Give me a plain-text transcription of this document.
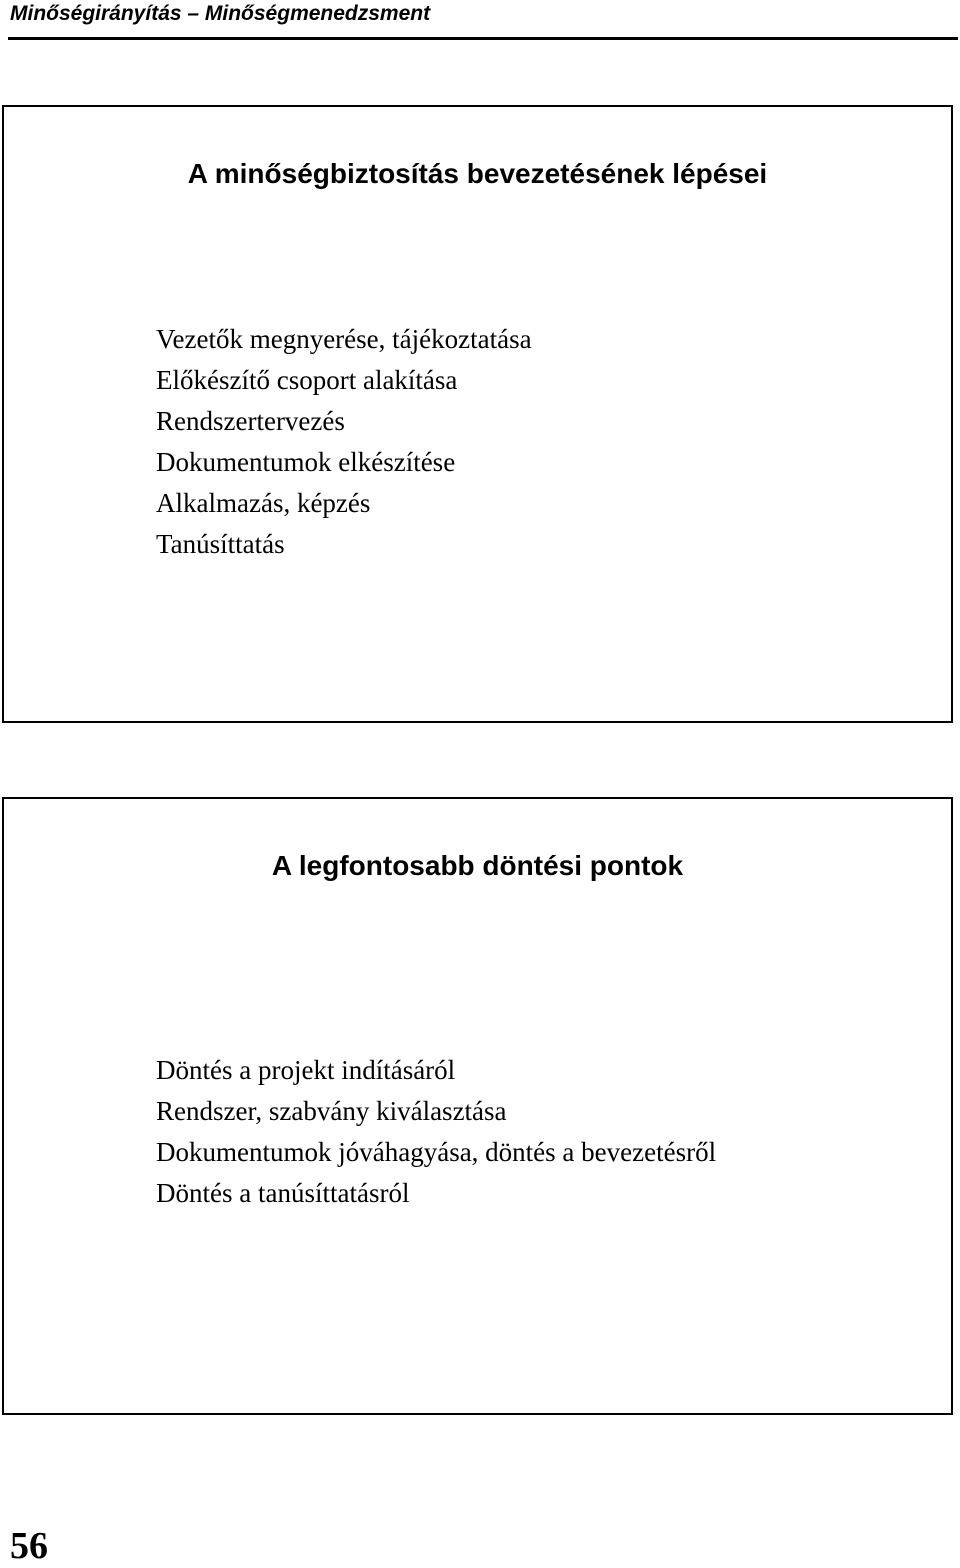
Minőségirányítás – Minőségmenedzsment
A minőségbiztosítás bevezetésének lépései
Vezetők megnyerése, tájékoztatása
Előkészítő csoport alakítása
Rendszertervezés
Dokumentumok elkészítése
Alkalmazás, képzés
Tanúsíttatás
A legfontosabb döntési pontok
Döntés a projekt indításáról
Rendszer, szabvány kiválasztása
Dokumentumok jóváhagyása, döntés a bevezetésről
Döntés a tanúsíttatásról
56
